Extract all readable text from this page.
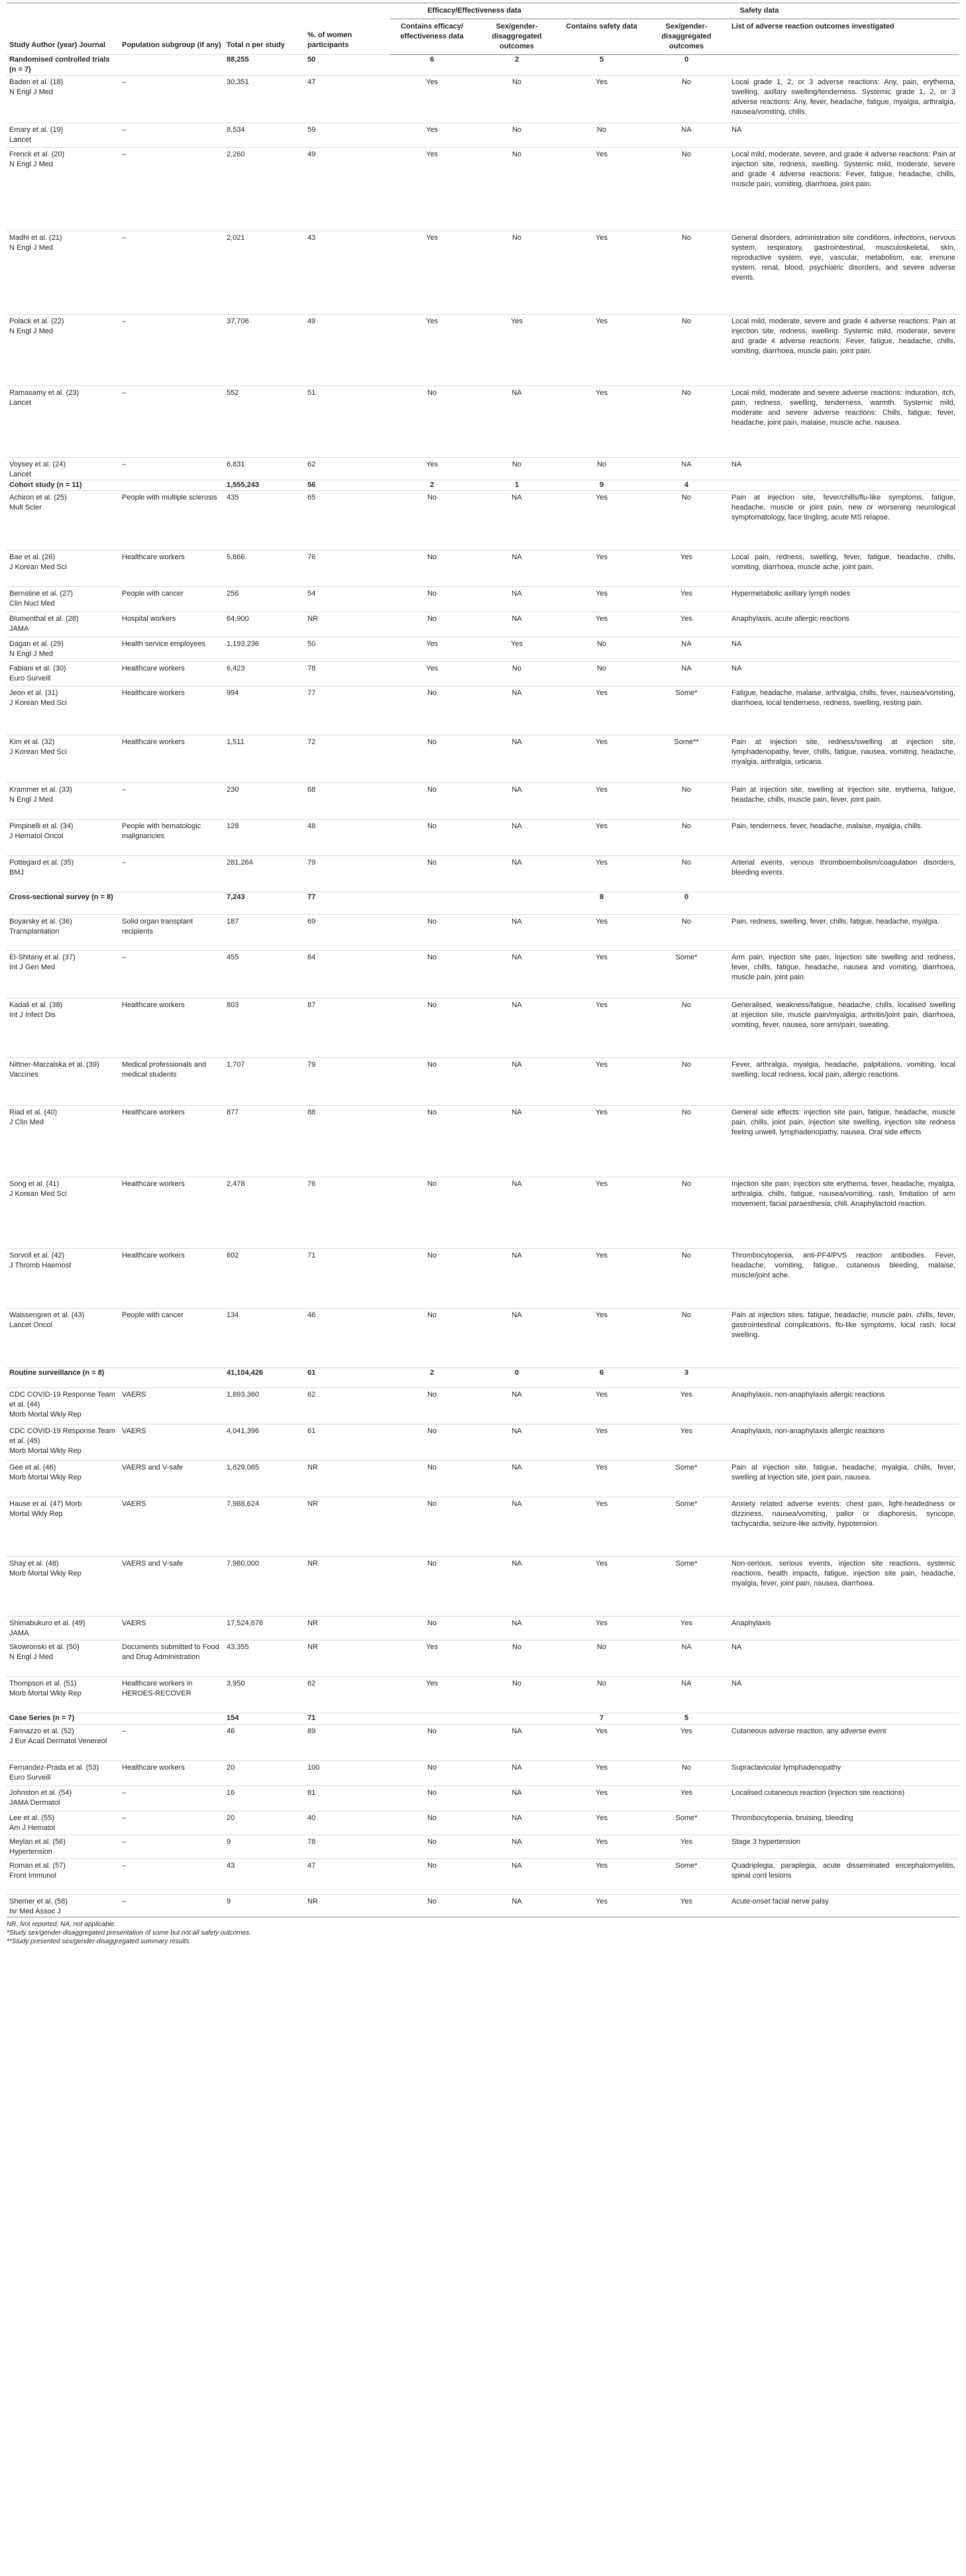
Study Author (year) Journal	Population subgroup (if any)	Total n per study	%. of women participants	Efficacy/Effectiveness data		Safety data		
				Contains efficacy/ effectiveness data	Sex/gender-disaggregated outcomes	Contains safety data	Sex/gender-disaggregated outcomes	List of adverse reaction outcomes investigated
Randomised controlled trials (n = 7)		88,255	50	6	2	5	0	

Baden et al. (18)
N Engl J Med	–	30,351	47	Yes	No	Yes	No	Local grade 1, 2, or 3 adverse reactions: Any, pain, erythema, swelling, axillary swelling/tenderness. Systemic grade 1, 2, or 3 adverse reactions: Any, fever, headache, fatigue, myalgia, arthralgia, nausea/vomiting, chills.

Emary et al. (19)
Lancet	–	8,534	59	Yes	No	No	NA	NA

Frenck et al. (20)
N Engl J Med	–	2,260	49	Yes	No	Yes	No	Local mild, moderate, severe, and grade 4 adverse reactions: Pain at injection site, redness, swelling. Systemic mild, moderate, severe and grade 4 adverse reactions: Fever, fatigue, headache, chills, muscle pain, vomiting, diarrhoea, joint pain.

Madhi et al. (21)
N Engl J Med	–	2,021	43	Yes	No	Yes	No	General disorders, administration site conditions, infections, nervous system, respiratory, gastrointestinal, musculoskeletal, skin, reproductive system, eye, vascular, metabolism, ear, immune system, renal, blood, psychiatric disorders, and severe adverse events.

Polack et al. (22)
N Engl J Med	–	37,706	49	Yes	Yes	Yes	No	Local mild, moderate, severe and grade 4 adverse reactions: Pain at injection site, redness, swelling. Systemic mild, moderate, severe and grade 4 adverse reactions: Fever, fatigue, headache, chills, vomiting, diarrhoea, muscle pain, joint pain.

Ramasamy et al. (23)
Lancet	–	552	51	No	NA	Yes	No	Local mild, moderate and severe adverse reactions: Induration, itch, pain, redness, swelling, tenderness, warmth. Systemic mild, moderate and severe adverse reactions: Chills, fatigue, fever, headache, joint pain, malaise, muscle ache, nausea.

Voysey et al. (24)
Lancet	–	6,831	62	Yes	No	No	NA	NA
Cohort study (n = 11)		1,555,243	56	2	1	9	4	

Achiron et al. (25)
Mult Scler	People with multiple sclerosis	435	65	No	NA	Yes	No	Pain at injection site, fever/chills/flu-like symptoms, fatigue, headache, muscle or joint pain, new or worsening neurological symptomatology, face tingling, acute MS relapse.

Bae et al. (26)
J Korean Med Sci	Healthcare workers	5,866	76	No	NA	Yes	Yes	Local pain, redness, swelling, fever, fatigue, headache, chills, vomiting, diarrhoea, muscle ache, joint pain.

Bernstine et al. (27)
Clin Nucl Med	People with cancer	256	54	No	NA	Yes	Yes	Hypermetabolic axillary lymph nodes

Blumenthal et al. (28)
JAMA	Hospital workers	64,900	NR	No	NA	Yes	Yes	Anaphylaxis, acute allergic reactions

Dagan et al. (29)
N Engl J Med	Health service employees	1,193,236	50	Yes	Yes	No	NA	NA

Fabiani et al. (30)
Euro Surveill	Healthcare workers	6,423	78	Yes	No	No	NA	NA

Jeon et al. (31)
J Korean Med Sci	Healthcare workers	994	77	No	NA	Yes	Some*	Fatigue, headache, malaise, arthralgia, chills, fever, nausea/vomiting, diarrhoea, local tenderness, redness, swelling, resting pain.

Kim et al. (32)
J Korean Med Sci	Healthcare workers	1,511	72	No	NA	Yes	Some**	Pain at injection site, redness/swelling at injection site, lymphadenopathy, fever, chills, fatigue, nausea, vomiting, headache, myalgia, arthralgia, urticaria.

Krammer et al. (33)
N Engl J Med	–	230	68	No	NA	Yes	No	Pain at injection site, swelling at injection site, erythema, fatigue, headache, chills, muscle pain, fever, joint pain.

Pimpinelli et al. (34)
J Hematol Oncol	People with hematologic malignancies	128	48	No	NA	Yes	No	Pain, tenderness, fever, headache, malaise, myalgia, chills.

Pottegard et al. (35)
BMJ	–	281,264	79	No	NA	Yes	No	Arterial events, venous thromboembolism/coagulation disorders, bleeding events.
Cross-sectional survey (n = 8)		7,243	77			8	0	

Boyarsky et al. (36)
Transplantation	Solid organ transplant recipients	187	69	No	NA	Yes	No	Pain, redness, swelling, fever, chills, fatigue, headache, myalgia.

El-Shitany et al. (37)
Int J Gen Med	–	455	64	No	NA	Yes	Some*	Arm pain, injection site pain, injection site swelling and redness, fever, chills, fatigue, headache, nausea and vomiting, diarrhoea, muscle pain, joint pain.

Kadali et al. (38)
Int J Infect Dis	Healthcare workers	803	87	No	NA	Yes	No	Generalised, weakness/fatigue, headache, chills, localised swelling at injection site, muscle pain/myalgia, arthritis/joint pain, diarrhoea, vomiting, fever, nausea, sore arm/pain, sweating.

Nittner-Marzalska et al. (39)
Vaccines	Medical professionals and medical students	1,707	79	No	NA	Yes	No	Fever, arthralgia, myalgia, headache, palpitations, vomiting, local swelling, local redness, local pain, allergic reactions.

Riad et al. (40)
J Clin Med	Healthcare workers	877	88	No	NA	Yes	No	General side effects: injection site pain, fatigue, headache, muscle pain, chills, joint pain, injection site swelling, injection site redness feeling unwell, lymphadenopathy, nausea. Oral side effects

Song et al. (41)
J Korean Med Sci	Healthcare workers	2,478	76	No	NA	Yes	No	Injection site pain, injection site erythema, fever, headache, myalgia, arthralgia, chills, fatigue, nausea/vomiting, rash, limitation of arm movement, facial paraesthesia, chill. Anaphylactoid reaction.

Sorvoll et al. (42)
J Thromb Haemost	Healthcare workers	602	71	No	NA	Yes	No	Thrombocytopenia, anti-PF4/PVS reaction antibodies. Fever, headache, vomiting, fatigue, cutaneous bleeding, malaise, muscle/joint ache.

Waissengren et al. (43)
Lancet Oncol	People with cancer	134	46	No	NA	Yes	No	Pain at injection sites, fatigue, headache, muscle pain, chills, fever, gastrointestinal complications, flu-like symptoms, local rash, local swelling.
Routine surveillance (n = 8)		41,104,426	61	2	0	6	3	

CDC COVID-19 Response Team et al. (44)
Morb Mortal Wkly Rep	VAERS	1,893,360	62	No	NA	Yes	Yes	Anaphylaxis, non-anaphylaxis allergic reactions

CDC COVID-19 Response Team et al. (45)
Morb Mortal Wkly Rep	VAERS	4,041,396	61	No	NA	Yes	Yes	Anaphylaxis, non-anaphylaxis allergic reactions

Gee et al. (46)
Morb Mortal Wkly Rep	VAERS and V-safe	1,629,065	NR	No	NA	Yes	Some*	Pain at injection site, fatigue, headache, myalgia, chills, fever, swelling at injection site, joint pain, nausea.

Hause et al. (47) Morb
Mortal Wkly Rep	VAERS	7,988,624	NR	No	NA	Yes	Some*	Anxiety related adverse events: chest pain, light-headedness or dizziness, nausea/vomiting, pallor or diaphoresis, syncope, tachycardia, seizure-like activity, hypotension.

Shay et al. (48)
Morb Mortal Wkly Rep	VAERS and V-safe	7,980,000	NR	No	NA	Yes	Some*	Non-serious, serious events, injection site reactions, systemic reactions, health impacts, fatigue, injection site pain, headache, myalgia, fever, joint pain, nausea, diarrhoea.

Shimabukuro et al. (49)
JAMA	VAERS	17,524,676	NR	No	NA	Yes	Yes	Anaphylaxis

Skowronski et al. (50)
N Engl J Med	Documents submitted to Food and Drug Administration	43,355	NR	Yes	No	No	NA	NA

Thompson et al. (51)
Morb Mortal Wkly Rep	Healthcare workers in HEROES-RECOVER	3,950	62	Yes	No	No	NA	NA
Case Series (n = 7)		154	71			7	5	

Farinazzo et al. (52)
J Eur Acad Dermatol Venereol	–	46	89	No	NA	Yes	Yes	Cutaneous adverse reaction, any adverse event

Fernandez-Prada et al. (53)
Euro Surveill	Healthcare workers	20	100	No	NA	Yes	No	Supraclavicular lymphadenopathy

Johnston et al. (54)
JAMA Dermatol	–	16	81	No	NA	Yes	Yes	Localised cutaneous reaction (injection site reactions)

Lee et al. (55)
Am J Hematol	–	20	40	No	NA	Yes	Some*	Thrombocytopenia, bruising, bleeding

Meylan et al. (56)
Hypertension	–	9	78	No	NA	Yes	Yes	Stage 3 hypertension

Roman et al. (57)
Front Immunol	–	43	47	No	NA	Yes	Some*	Quadriplegia, paraplegia, acute disseminated encephalomyelitis, spinal cord lesions

Shemer et al. (58)
Isr Med Assoc J	–	9	NR	No	NA	Yes	Yes	Acute-onset facial nerve palsy
NR, Not reported; NA, not applicable.
*Study sex/gender-disaggregated presentation of some but not all safety outcomes.
**Study presented sex/gender-disaggregated summary results.
